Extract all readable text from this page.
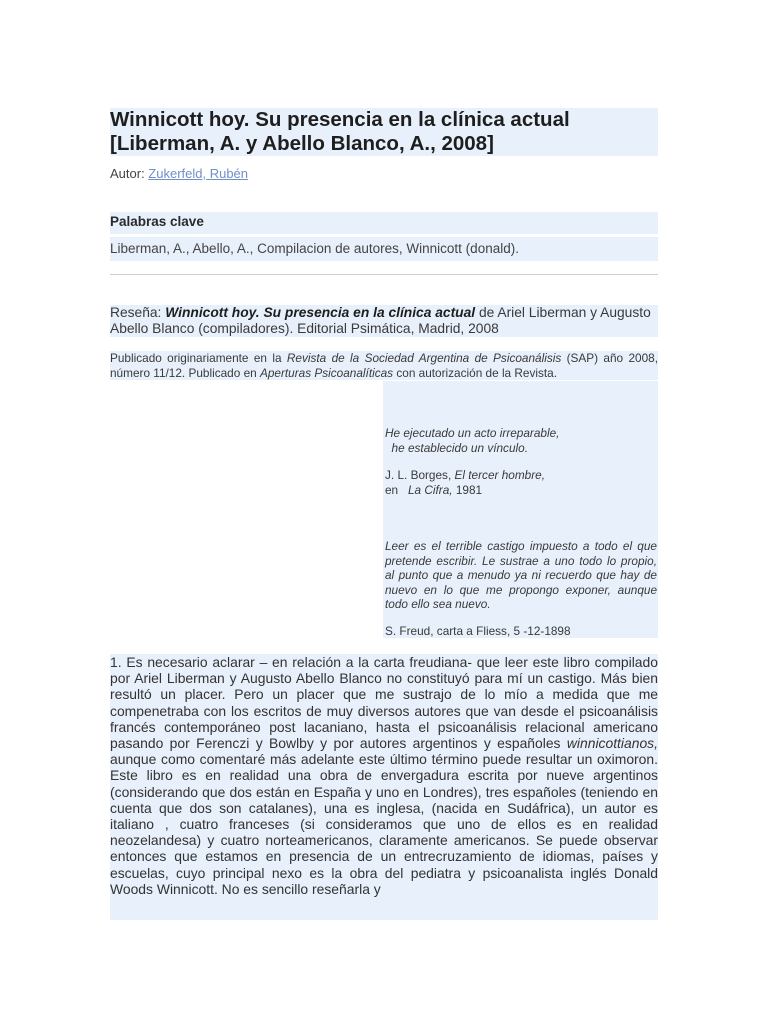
Winnicott hoy. Su presencia en la clínica actual [Liberman, A. y Abello Blanco, A., 2008]
Autor: Zukerfeld, Rubén
Palabras clave
Liberman, A., Abello, A., Compilacion de autores, Winnicott (donald).
Reseña: Winnicott hoy. Su presencia en la clínica actual de Ariel Liberman y Augusto Abello Blanco (compiladores). Editorial Psimática, Madrid, 2008
Publicado originariamente en la Revista de la Sociedad Argentina de Psicoanálisis (SAP) año 2008, número 11/12. Publicado en Aperturas Psicoanalíticas con autorización de la Revista.
He ejecutado un acto irreparable,
he establecido un vínculo.
J. L. Borges, El tercer hombre,
en   La Cifra, 1981
Leer es el terrible castigo impuesto a todo el que pretende escribir. Le sustrae a uno todo lo propio, al punto que a menudo ya ni recuerdo que hay de nuevo en lo que me propongo exponer, aunque todo ello sea nuevo.
S. Freud, carta a Fliess, 5 -12-1898
1. Es necesario aclarar – en relación a la carta freudiana- que leer este libro compilado por Ariel Liberman y Augusto Abello Blanco no constituyó para mí un castigo. Más bien resultó un placer. Pero un placer que me sustrajo de lo mío a medida que me compenetraba con los escritos de muy diversos autores que van desde el psicoanálisis francés contemporáneo post lacaniano, hasta el psicoanálisis relacional americano pasando por Ferenczi y Bowlby y por autores argentinos y españoles winnicottianos, aunque como comentaré más adelante este último término puede resultar un oximoron. Este libro es en realidad una obra de envergadura escrita por nueve argentinos (considerando que dos están en España y uno en Londres), tres españoles (teniendo en cuenta que dos son catalanes), una es inglesa, (nacida en Sudáfrica), un autor es italiano , cuatro franceses (si consideramos que uno de ellos es en realidad neozelandesa) y cuatro norteamericanos, claramente americanos. Se puede observar entonces que estamos en presencia de un entrecruzamiento de idiomas, países y escuelas, cuyo principal nexo es la obra del pediatra y psicoanalista inglés Donald Woods Winnicott. No es sencillo reseñarla y
